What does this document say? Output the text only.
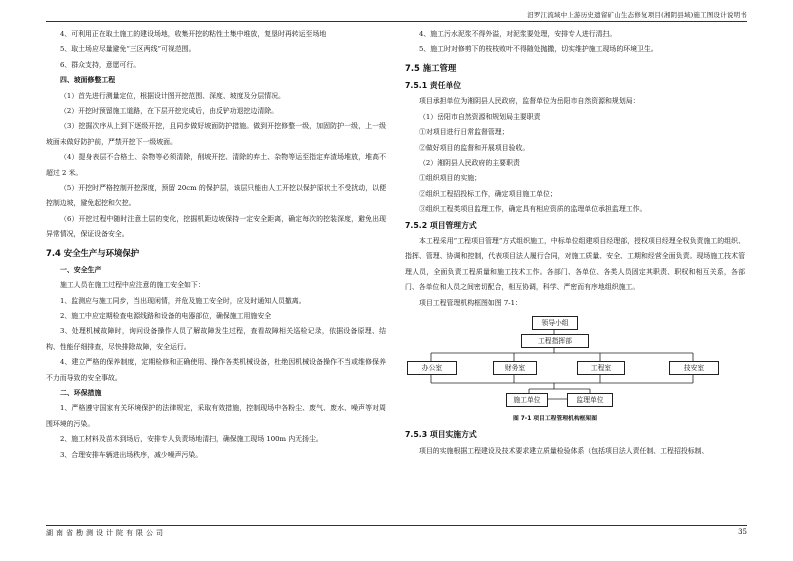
汨罗江流域中上游历史遗留矿山生态修复项目(湘阴县域)施工图设计说明书

4、可利用正在取土施工的建设场地，收集开挖的粘性土集中堆放，复垦时再转运至场地

5、取土场应尽量避免“三区两线”可视范围。

6、群众支持，意愿可行。

四、坡面修整工程

（1）首先进行测量定位，根据设计图开挖范围、深度、坡度及分层情况。

（2）开挖时预留施工道路，在下层开挖完成后，由反铲功退挖边清除。

（3）挖掘次序从上到下逐级开挖，且同步做好坡面防护措施。做到开挖修整一级，加固防护一级，上一级坡面未做好防护前，严禁开挖下一级坡面。

（4）提身表层不合格土、杂物等必须清除，削坡开挖、清除的弃土、杂物等运至指定弃渣场堆放，堆高不超过 2 米。

（5）开挖时严格控制开挖深度，预留 20cm 的保护层，该层只能由人工开挖以保护原状土不受扰动，以便控制边坡，避免起挖和欠挖。

（6）开挖过程中随时注意土层的变化，挖掘机距边坡保持一定安全距离，确定每次的挖装深度，避免出现异常情况，保证设备安全。

7.4 安全生产与环境保护

一、安全生产

施工人员在施工过程中应注意的施工安全如下：

1、监测应与施工同步，当出现闲情，并危及施工安全时，应及时通知人员撤离。

2、施工中应定期检查电源线路和设备的电器部位，确保施工用施安全

3、处理机械故障时，询问设备操作人员了解故障发生过程，查看故障相关巡检记录，依据设备原理、结构、性能仔细排查，尽快排除故障，安全运行。

4、建立严格的保养制度，定期检修和正确使用、操作各类机械设备，杜绝因机械设备操作不当或维修保养不力而导致的安全事故。

二、环保措施

1、严格遵守国家有关环境保护的法律规定，采取有效措施，控制现场中各粉尘、废气、废水、噪声等对周围环境的污染。

2、施工材料及苗木到场后，安排专人负责场地清扫，确保施工现场 100m 内无扬尘。

3、合理安排车辆进出场秩序，减少噪声污染。

4、施工污水泥浆不得外溢，对泥浆要处理，安排专人进行清扫。

5、施工时对修剪下的枝枝败叶不得随处抛撒，切实维护施工现场的环境卫生。

7.5 施工管理
7.5.1 责任单位

项目承担单位为湘阴县人民政府，监督单位为岳阳市自然资源和规划局：

（1）岳阳市自然资源和规划局主要职责

①对项目进行日常监督管理；

②做好项目的监督和开展项目验收。

（2）湘阴县人民政府的主要职责

①组织项目的实施；

②组织工程招投标工作，确定项目施工单位；

③组织工程类项目监理工作，确定具有相应资质的监理单位承担监理工作。

7.5.2 项目管理方式

本工程采用“工程项目管理”方式组织施工，中标单位组建项目经理部，授权项目经理全权负责施工的组织、指挥、管理、协调和控制，代表项目法人履行合同，对施工质量、安全、工期和经营全面负责。现场施工技术管理人员，全面负责工程质量和施工技术工作。各部门、各单位、各类人员固定其职责、职权和相互关系，各部门、各单位和人员之间密切配合，相互协调，科学、严密而有序地组织施工。

项目工程管理机构框图如图 7-1：

领导小组
工程指挥部
办公室	财务室	工程室	技安室
施工单位	监理单位
图 7-1 项目工程管理机构框架图
7.5.3 项目实施方式

项目的实施根据工程建设及技术要求建立质量检验体系（包括项目法人责任制、工程招投标制、

湖南省勘测设计院有限公司	35
